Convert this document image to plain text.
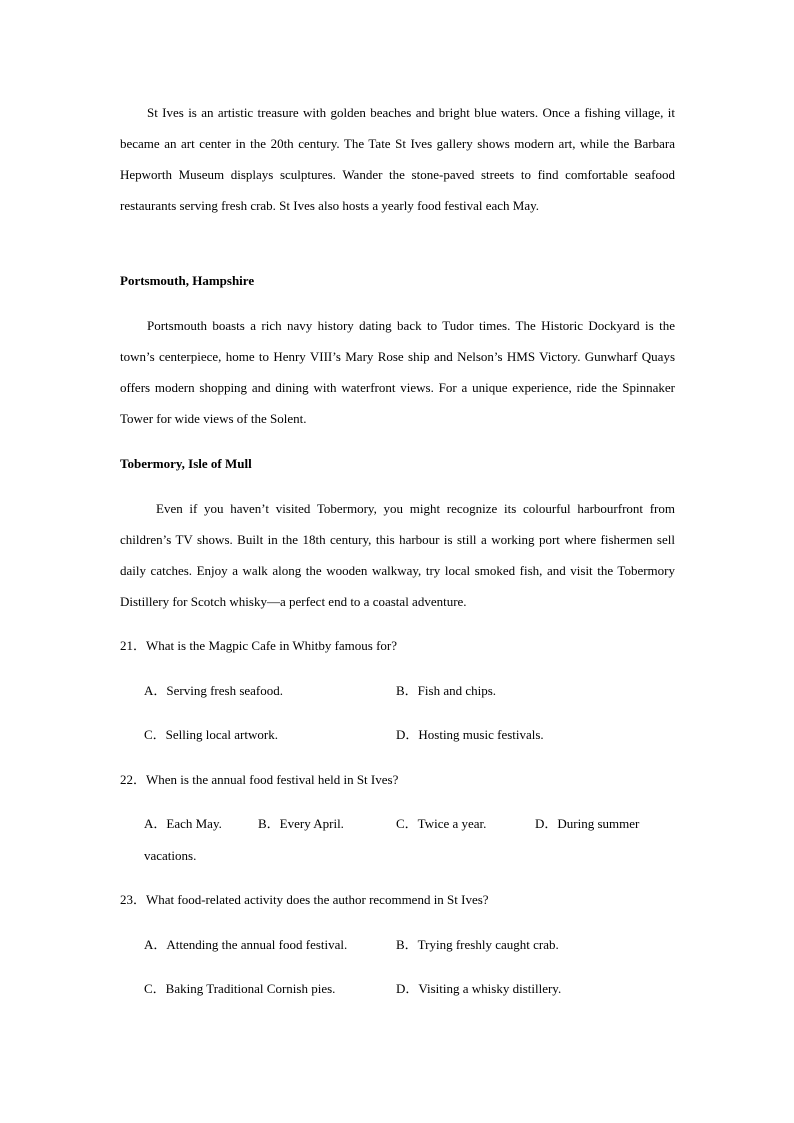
St Ives is an artistic treasure with golden beaches and bright blue waters. Once a fishing village, it became an art center in the 20th century. The Tate St Ives gallery shows modern art, while the Barbara Hepworth Museum displays sculptures. Wander the stone-paved streets to find comfortable seafood restaurants serving fresh crab. St Ives also hosts a yearly food festival each May.

Portsmouth, Hampshire

Portsmouth boasts a rich navy history dating back to Tudor times. The Historic Dockyard is the town’s centerpiece, home to Henry VIII’s Mary Rose ship and Nelson’s HMS Victory. Gunwharf Quays offers modern shopping and dining with waterfront views. For a unique experience, ride the Spinnaker Tower for wide views of the Solent.

Tobermory, Isle of Mull

Even if you haven’t visited Tobermory, you might recognize its colourful harbourfront from children’s TV shows. Built in the 18th century, this harbour is still a working port where fishermen sell daily catches. Enjoy a walk along the wooden walkway, try local smoked fish, and visit the Tobermory Distillery for Scotch whisky—a perfect end to a coastal adventure.

21．What is the Magpic Cafe in Whitby famous for?

A．Serving fresh seafood.	B．Fish and chips.
C．Selling local artwork.	D．Hosting music festivals.

22．When is the annual food festival held in St Ives?

A．Each May.	B．Every April.	C．Twice a year.	D．During summer
vacations.

23．What food-related activity does the author recommend in St Ives?

A．Attending the annual food festival.	B．Trying freshly caught crab.
C．Baking Traditional Cornish pies.	D．Visiting a whisky distillery.
